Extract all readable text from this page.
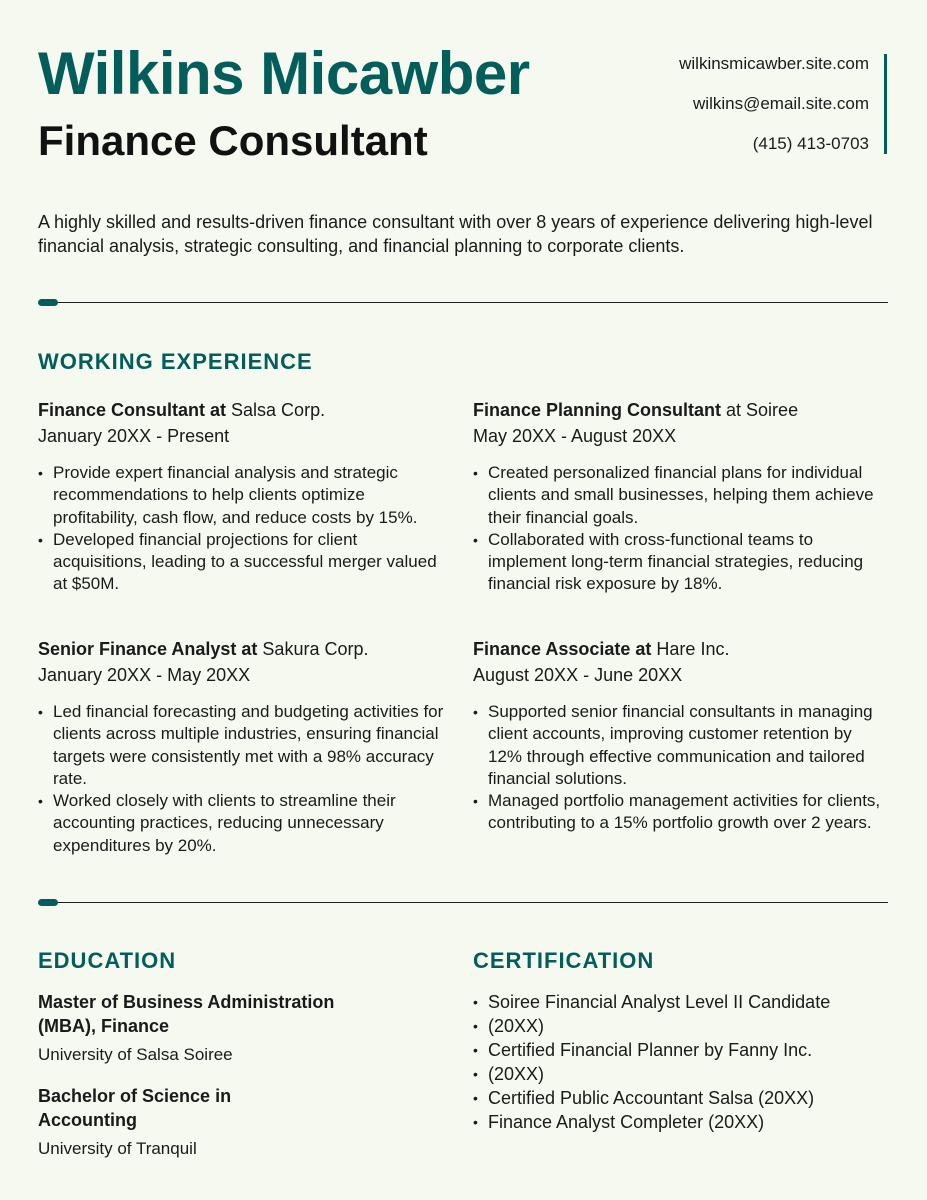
Wilkins Micawber
Finance Consultant
wilkinsmicawber.site.com
wilkins@email.site.com
(415) 413-0703

A highly skilled and results-driven finance consultant with over 8 years of experience delivering high-level financial analysis, strategic consulting, and financial planning to corporate clients.

WORKING EXPERIENCE

Finance Consultant at Salsa Corp.

January 20XX - Present

• Provide expert financial analysis and strategic recommendations to help clients optimize profitability, cash flow, and reduce costs by 15%.
• Developed financial projections for client acquisitions, leading to a successful merger valued at $50M.

Finance Planning Consultant at Soiree

May 20XX - August 20XX

• Created personalized financial plans for individual clients and small businesses, helping them achieve their financial goals.
• Collaborated with cross-functional teams to implement long-term financial strategies, reducing financial risk exposure by 18%.

Senior Finance Analyst at Sakura Corp.

January 20XX - May 20XX

• Led financial forecasting and budgeting activities for clients across multiple industries, ensuring financial targets were consistently met with a 98% accuracy rate.
• Worked closely with clients to streamline their accounting practices, reducing unnecessary expenditures by 20%.

Finance Associate at Hare Inc.

August 20XX - June 20XX

• Supported senior financial consultants in managing client accounts, improving customer retention by 12% through effective communication and tailored financial solutions.
• Managed portfolio management activities for clients, contributing to a 15% portfolio growth over 2 years.
EDUCATION	CERTIFICATION

Master of Business Administration (MBA), Finance

University of Salsa Soiree

Bachelor of Science in Accounting

University of Tranquil

• Soiree Financial Analyst Level II Candidate
• (20XX)
• Certified Financial Planner by Fanny Inc.
• (20XX)
• Certified Public Accountant Salsa (20XX)
• Finance Analyst Completer (20XX)
